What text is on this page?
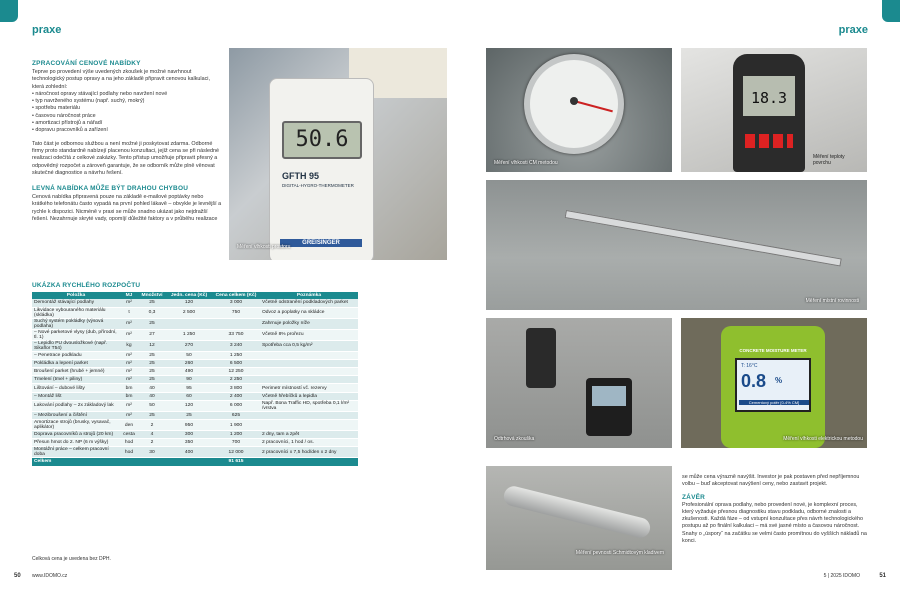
praxe	praxe
ZPRACOVÁNÍ CENOVÉ NABÍDKY
Teprve po provedení výše uvedených zkoušek je možné navrhnout technologický postup opravy a na jeho základě připravit cenovou kalkulaci, která zohlední:
• náročnost opravy stávající podlahy nebo navržení nové
• typ navrženého systému (např. suchý, mokrý)
• spotřebu materiálu
• časovou náročnost práce
• amortizaci přístrojů a nářadí
• dopravu pracovníků a zařízení
Tato část je odbornou službou a není možné ji poskytovat zdarma. Odborné firmy proto standardně nabízejí placenou konzultaci, jejíž cena se při následné realizaci odečítá z celkové zakázky. Tento přístup umožňuje připravit přesný a odpovědný rozpočet a zároveň garantuje, že se odborník může plně věnovat skutečné diagnostice a návrhu řešení.
LEVNÁ NABÍDKA MŮŽE BÝT DRAHOU CHYBOU
Cenová nabídka připravená pouze na základě e-mailové poptávky nebo krátkého telefonátu často vypadá na první pohled lákavě – obvykle je levnější a rychle k dispozici. Nicméně v praxi se může snadno ukázat jako nejdražší řešení. Nezahrnuje skryté vady, opomíjí důležité faktory a v průběhu realizace
50.6
GFTH 95
DIGITAL-HYGRO-THERMOMETER
GREISINGER
Měření vlhkosti prostoru
UKÁZKA RYCHLÉHO ROZPOČTU
Položka	MJ	Množství	Jedn. cena (Kč)	Cena celkem (Kč)	Poznámka
Demontáž stávající podlahy	m²	25	120	3 000	Včetně odstranění podkladových parket
Likvidace vybouraného materiálu (skládka)	t	0,3	2 500	750	Odvoz a poplatky na skládce
Suchý systém pokládky (výsová podlaha)	m²	25			Zahrnuje položky níže
– Nové parketové vlysy (dub, přírodní, tl. 1)	m²	27	1 250	33 750	Včetně 8% prořezu
– Lepidlo PU dvousložkové (např. Sikaflor T54)	kg	12	270	3 240	Spotřeba cca 0,5 kg/m²
– Penetrace podkladu	m²	25	50	1 250	
Pokládka a lepení parket	m²	25	260	6 500	
Broušení parket (hrubé + jemné)	m²	25	490	12 250	
Tmelení (tmel + piliny)	m²	25	90	2 250	
Lištování – dubové lišty	bm	40	95	3 800	Perimetr místností vč. rezervy
– Montáž lišt	bm	40	60	2 400	Včetně hřebíčků a lepidla
Lakování podlahy – 2x základový lak	m²	50	120	6 000	Např. Bona Traffic HD, spotřeba 0,1 l/m² /vrstva
– Mezibroušení a čištění	m²	25	25	625	
Amortizace strojů (brusky, vysavač, aplikátor)	den	2	950	1 900	
Doprava pracovníků a strojů (20 km)	cesta	4	300	1 200	2 dny, tam a zpět
Přesun hmot do 2. NP (6 m výšky)	hod	2	350	700	2 pracovníci, 1 hod / os.
Montážní práce – celkem pracovní doba	hod	30	400	12 000	2 pracovníci x 7,5 hod/den x 2 dny
Celkem				91 615	
Celková cena je uvedena bez DPH.
50 www.IDOMO.cz
Měření vlhkosti CM metodou
18.3
Měření teploty povrchu
Měření místní rovinnosti
Odtrhová zkouška
CONCRETE MOISTURE METER
T: 16°C
0.8 %
Cementový potěr [0-4% CM]
Měření vlhkosti elektrickou metodou
Měření pevnosti Schmidtovým kladivem
se může cena výrazně navýšit. Investor je pak postaven před nepříjemnou volbu – buď akceptovat navýšení ceny, nebo zastavit projekt.
ZÁVĚR
Profesionální oprava podlahy, nebo provedení nové, je komplexní proces, který vyžaduje přesnou diagnostiku stavu podkladu, odborné znalosti a zkušenosti. Každá fáze – od vstupní konzultace přes návrh technologického postupu až po finální kalkulaci – má své jasné místo a časovou náročnost. Snahy o „úspory“ na začátku se velmi často promítnou do vyšších nákladů na konci.
5 | 2025 IDOMO	51
